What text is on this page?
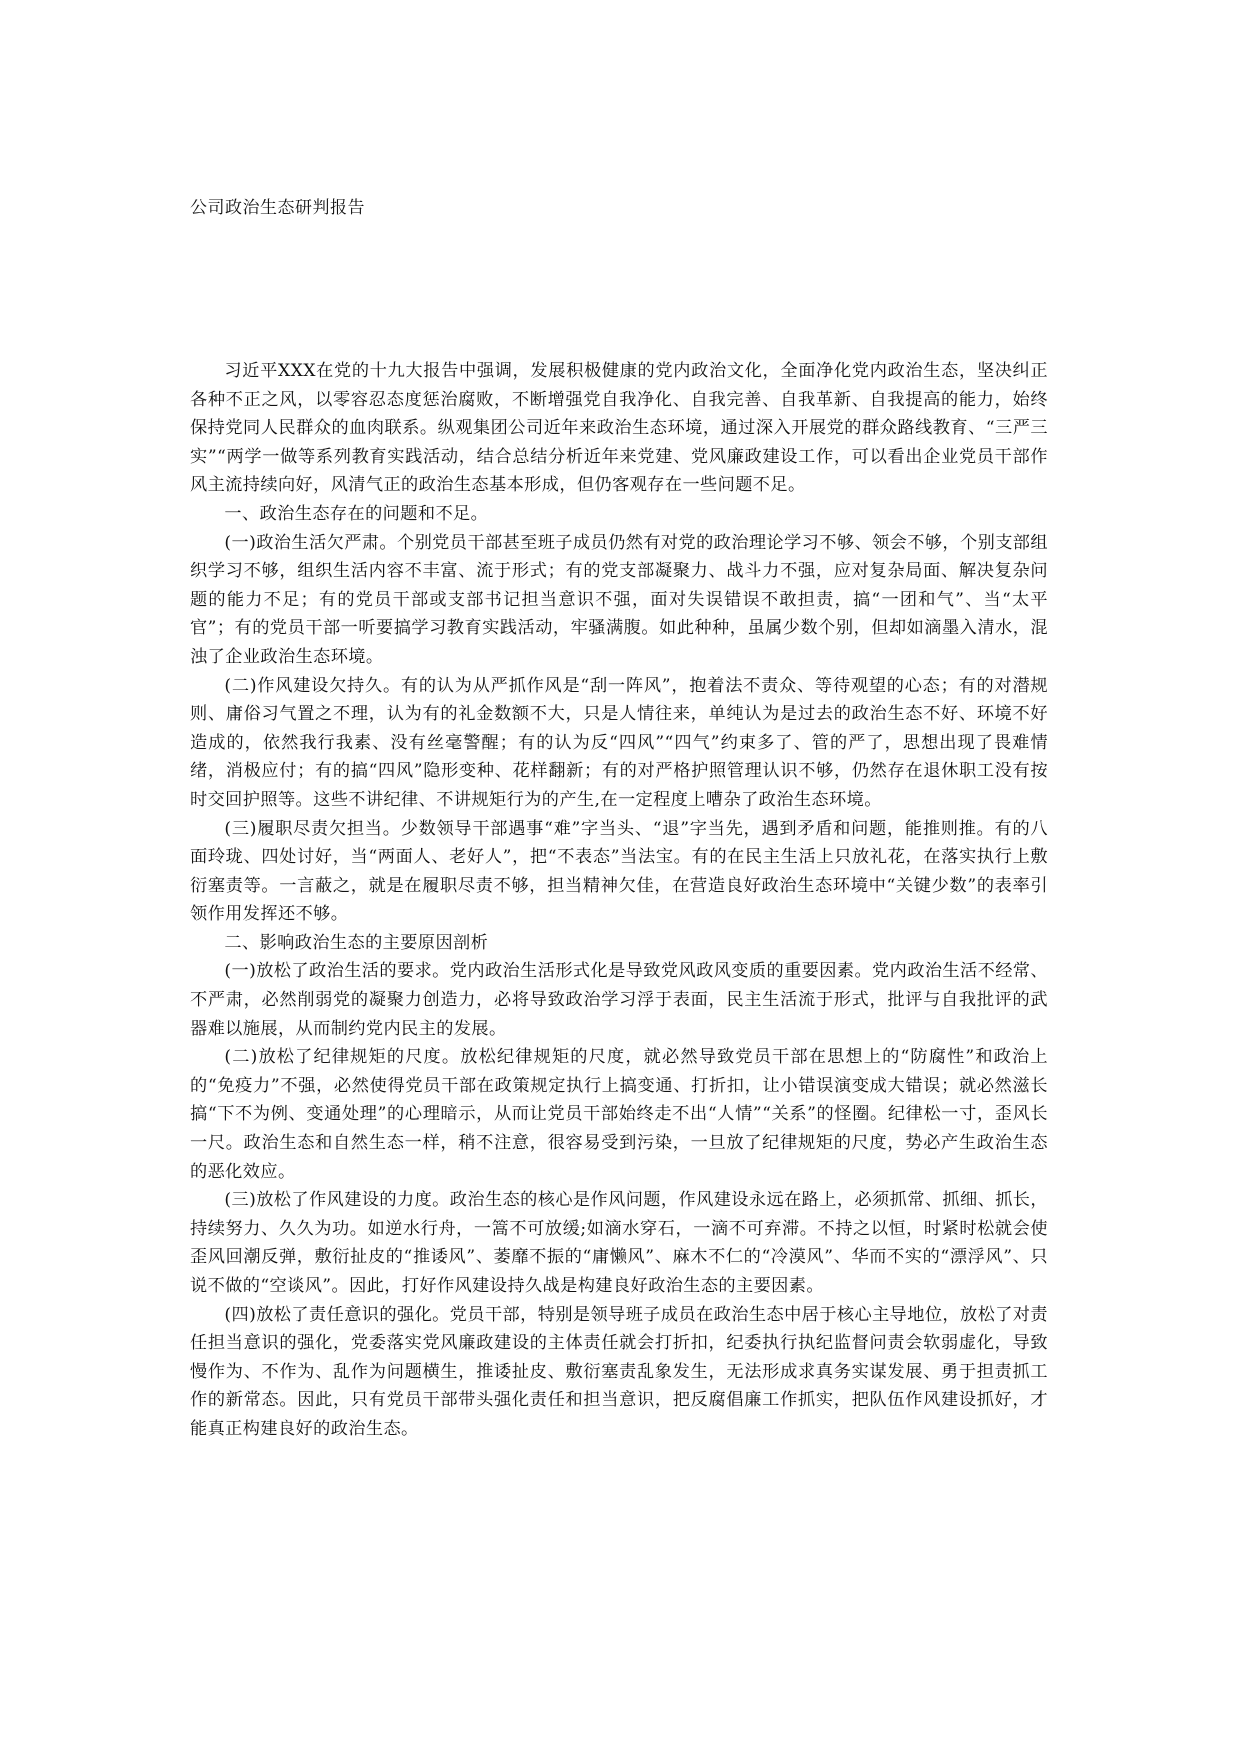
公司政治生态研判报告

习近平XXX在党的十九大报告中强调，发展积极健康的党内政治文化，全面净化党内政治生态，坚决纠正各种不正之风，以零容忍态度惩治腐败，不断增强党自我净化、自我完善、自我革新、自我提高的能力，始终保持党同人民群众的血肉联系。纵观集团公司近年来政治生态环境，通过深入开展党的群众路线教育、“三严三实”“两学一做等系列教育实践活动，结合总结分析近年来党建、党风廉政建设工作，可以看出企业党员干部作风主流持续向好，风清气正的政治生态基本形成，但仍客观存在一些问题不足。

一、政治生态存在的问题和不足。

(一)政治生活欠严肃。个别党员干部甚至班子成员仍然有对党的政治理论学习不够、领会不够，个别支部组织学习不够，组织生活内容不丰富、流于形式；有的党支部凝聚力、战斗力不强，应对复杂局面、解决复杂问题的能力不足；有的党员干部或支部书记担当意识不强，面对失误错误不敢担责，搞“一团和气”、当“太平官”；有的党员干部一听要搞学习教育实践活动，牢骚满腹。如此种种，虽属少数个别，但却如滴墨入清水，混浊了企业政治生态环境。

(二)作风建设欠持久。有的认为从严抓作风是“刮一阵风”，抱着法不责众、等待观望的心态；有的对潜规则、庸俗习气置之不理，认为有的礼金数额不大，只是人情往来，单纯认为是过去的政治生态不好、环境不好造成的，依然我行我素、没有丝毫警醒；有的认为反“四风”“四气”约束多了、管的严了，思想出现了畏难情绪，消极应付；有的搞“四风”隐形变种、花样翻新；有的对严格护照管理认识不够，仍然存在退休职工没有按时交回护照等。这些不讲纪律、不讲规矩行为的产生,在一定程度上嘈杂了政治生态环境。

(三)履职尽责欠担当。少数领导干部遇事“难”字当头、“退”字当先，遇到矛盾和问题，能推则推。有的八面玲珑、四处讨好，当“两面人、老好人”，把“不表态”当法宝。有的在民主生活上只放礼花，在落实执行上敷衍塞责等。一言蔽之，就是在履职尽责不够，担当精神欠佳，在营造良好政治生态环境中“关键少数”的表率引领作用发挥还不够。

二、影响政治生态的主要原因剖析

(一)放松了政治生活的要求。党内政治生活形式化是导致党风政风变质的重要因素。党内政治生活不经常、不严肃，必然削弱党的凝聚力创造力，必将导致政治学习浮于表面，民主生活流于形式，批评与自我批评的武器难以施展，从而制约党内民主的发展。

(二)放松了纪律规矩的尺度。放松纪律规矩的尺度，就必然导致党员干部在思想上的“防腐性”和政治上的“免疫力”不强，必然使得党员干部在政策规定执行上搞变通、打折扣，让小错误演变成大错误；就必然滋长搞“下不为例、变通处理”的心理暗示，从而让党员干部始终走不出“人情”“关系”的怪圈。纪律松一寸，歪风长一尺。政治生态和自然生态一样，稍不注意，很容易受到污染，一旦放了纪律规矩的尺度，势必产生政治生态的恶化效应。

(三)放松了作风建设的力度。政治生态的核心是作风问题，作风建设永远在路上，必须抓常、抓细、抓长，持续努力、久久为功。如逆水行舟，一篙不可放缓;如滴水穿石，一滴不可弃滞。不持之以恒，时紧时松就会使歪风回潮反弹，敷衍扯皮的“推诿风”、萎靡不振的“庸懒风”、麻木不仁的“冷漠风”、华而不实的“漂浮风”、只说不做的“空谈风”。因此，打好作风建设持久战是构建良好政治生态的主要因素。

(四)放松了责任意识的强化。党员干部，特别是领导班子成员在政治生态中居于核心主导地位，放松了对责任担当意识的强化，党委落实党风廉政建设的主体责任就会打折扣，纪委执行执纪监督问责会软弱虚化，导致慢作为、不作为、乱作为问题横生，推诿扯皮、敷衍塞责乱象发生，无法形成求真务实谋发展、勇于担责抓工作的新常态。因此，只有党员干部带头强化责任和担当意识，把反腐倡廉工作抓实，把队伍作风建设抓好，才能真正构建良好的政治生态。
